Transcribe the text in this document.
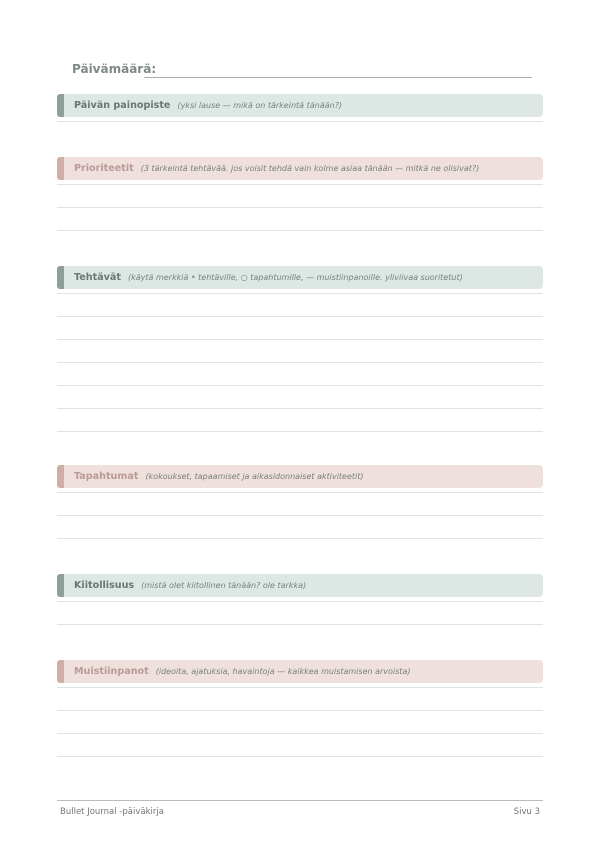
Päivämäärä:
Päivän painopiste (yksi lause — mikä on tärkeintä tänään?)
Prioriteetit (3 tärkeintä tehtävää. jos voisit tehdä vain kolme asiaa tänään — mitkä ne olisivat?)
Tehtävät (käytä merkkiä • tehtäville, ○ tapahtumille, — muistiinpanoille. yliviivaa suoritetut)
Tapahtumat (kokoukset, tapaamiset ja aikasidonnaiset aktiviteetit)
Kiitollisuus (mistä olet kiitollinen tänään? ole tarkka)
Muistiinpanot (ideoita, ajatuksia, havaintoja — kaikkea muistamisen arvoista)
Bullet Journal -päiväkirja	Sivu 3
